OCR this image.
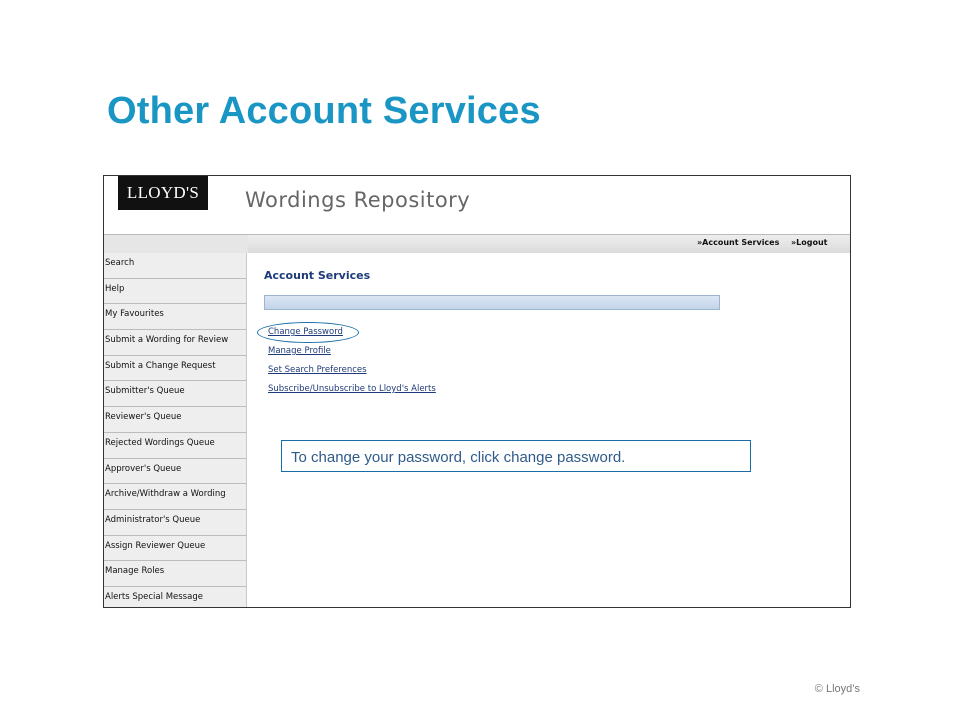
Other Account Services
LLOYD'S	Wordings Repository
»Account Services »Logout
Search
Help
My Favourites
Submit a Wording for Review
Submit a Change Request
Submitter's Queue
Reviewer's Queue
Rejected Wordings Queue
Approver's Queue
Archive/Withdraw a Wording
Administrator's Queue
Assign Reviewer Queue
Manage Roles
Alerts Special Message
Account Services
Change Password
Manage Profile
Set Search Preferences
Subscribe/Unsubscribe to Lloyd's Alerts
To change your password, click change password.
© Lloyd’s
